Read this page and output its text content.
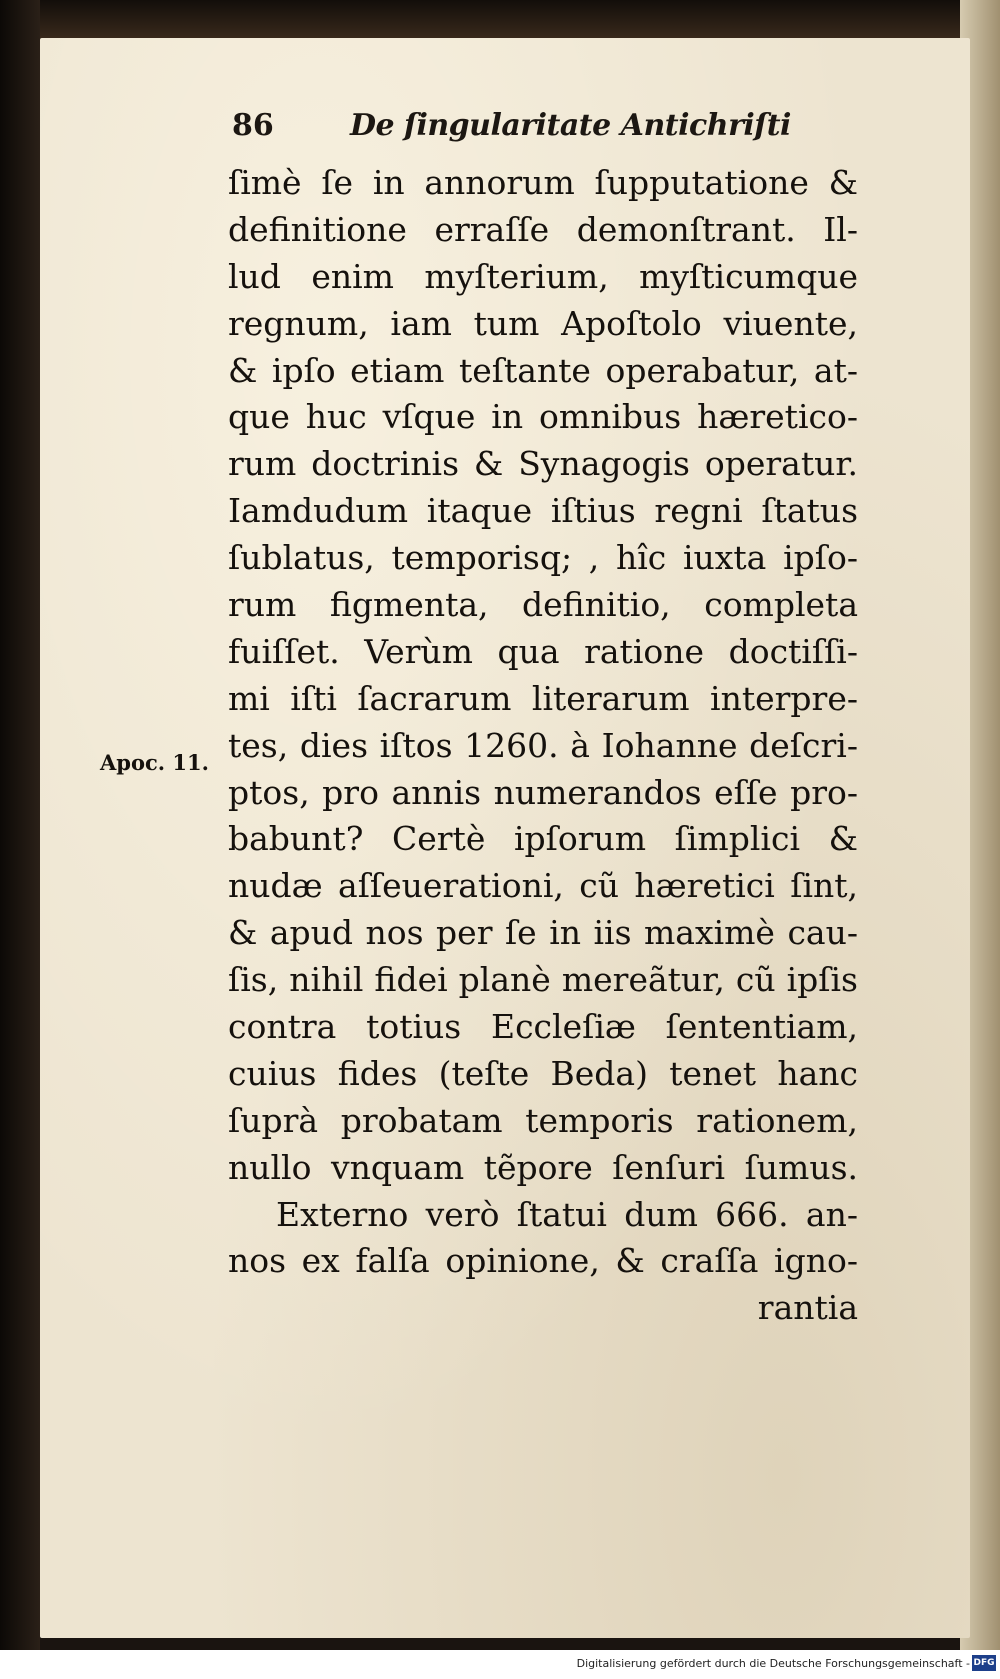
86	De ſingularitate Antichriſti
Apoc. 11.
ſimè ſe in annorum ſupputatione &
definitione erraſſe demonſtrant. Il-
lud enim myſterium, myſticumque
regnum, iam tum Apoſtolo viuente,
& ipſo etiam teſtante operabatur, at-
que huc vſque in omnibus hæretico-
rum doctrinis & Synagogis operatur.
Iamdudum itaque iſtius regni ſtatus
ſublatus, temporisq; , hîc iuxta ipſo-
rum figmenta, definitio, completa
fuiſſet. Verùm qua ratione doctiſſi-
mi iſti ſacrarum literarum interpre-
tes, dies iſtos 1260. à Iohanne deſcri-
ptos, pro annis numerandos eſſe pro-
babunt? Certè ipſorum ſimplici &
nudæ aſſeuerationi, cũ hæretici ſint,
& apud nos per ſe in iis maximè cau-
ſis, nihil fidei planè mereãtur, cũ ipſis
contra totius Eccleſiæ ſententiam,
cuius fides (teſte Beda) tenet hanc
ſuprà probatam temporis rationem,
nullo vnquam tẽpore ſenſuri ſumus.
Externo verò ſtatui dum 666. an-
nos ex falſa opinione, & craſſa igno-
rantia
Digitalisierung gefördert durch die Deutsche Forschungsgemeinschaft - DFG
